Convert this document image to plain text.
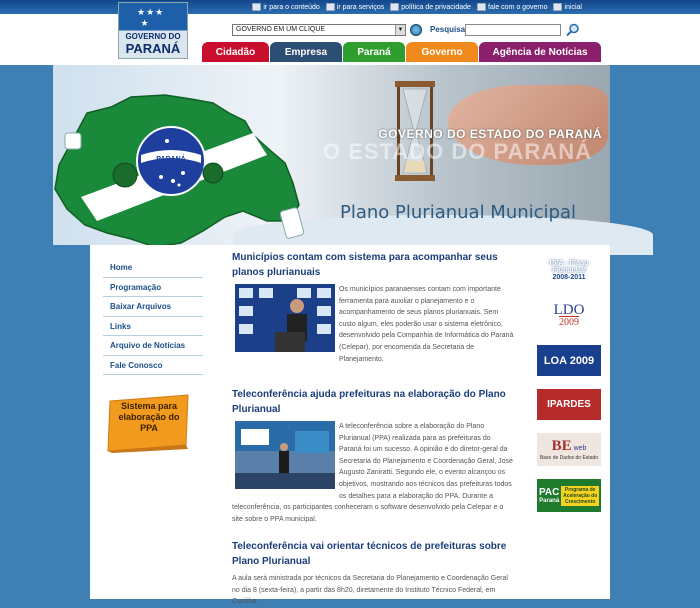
ir para o conteúdo ir para serviços política de privacidade fale com o governo inicial
★★★
★
GOVERNO DO
PARANÁ
GOVERNO EM UM CLIQUE	▼	Pesquisa
Cidadão	Empresa	Paraná	Governo	Agência de Notícias
O ESTADO DO PARANÁ
GOVERNO DO ESTADO DO PARANÁ
Plano Plurianual Municipal
PARANÁ
Home
Programação
Baixar Arquivos
Links
Arquivo de Notícias
Fale Conosco
Sistema para
elaboração do
PPA
Municípios contam com sistema para acompanhar seus planos plurianuais
Os municípios paranaenses contam com importante ferramenta para auxiliar o planejamento e o acompanhamento de seus planos plurianuais. Sem custo algum, eles poderão usar o sistema eletrônico, desenvolvido pela Companhia de Informática do Paraná (Celepar), por encomenda da Secretaria de Planejamento.
Teleconferência ajuda prefeituras na elaboração do Plano Plurianual
A teleconferência sobre a elaboração do Plano Plurianual (PPA) realizada para as prefeituras do Paraná foi um sucesso. A opinião é do diretor-geral da Secretaria do Planejamento e Coordenação Geral, José Augusto Zaniratti. Segundo ele, o evento alcançou os objetivos, mostrando aos técnicos das prefeituras todos os detalhes para a elaboração do PPA. Durante a teleconferência, os participantes conheceram o software desenvolvido pela Celepar e o site sobre o PPA municipal.
Teleconferência vai orientar técnicos de prefeituras sobre Plano Plurianual
A aula será ministrada por técnicos da Secretaria do Planejamento e Coordenação Geral no dia 8 (sexta-feira), a partir das 8h20, diretamente do Instituto Técnico Federal, em Curitiba.
PPA - Plano Plurianual
2008-2011
LDO
2009
LOA 2009
IPARDES
BE web
Base de Dados do Estado
PAC
Paraná
Programa de Aceleração do Crescimento
